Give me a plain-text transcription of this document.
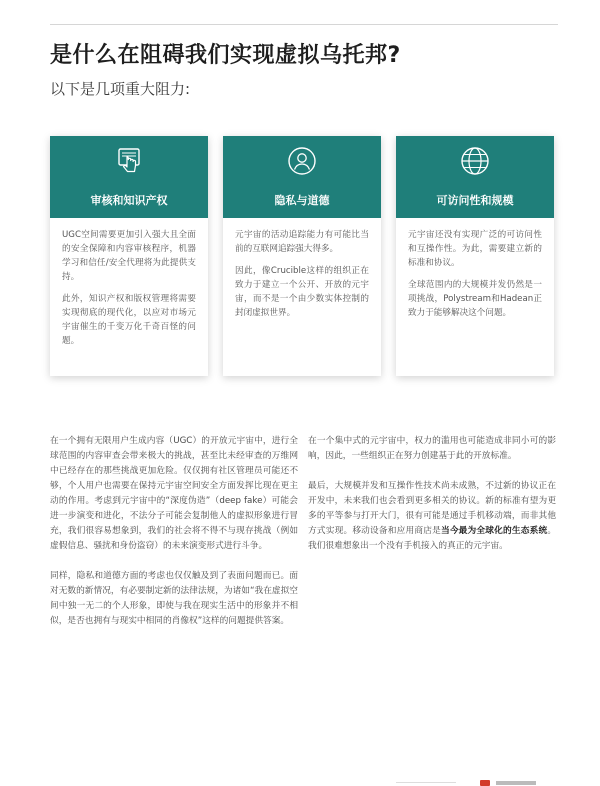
是什么在阻碍我们实现虚拟乌托邦?

以下是几项重大阻力:

审核和知识产权

UGC空间需要更加引入强大且全面的安全保障和内容审核程序，机器学习和信任/安全代理将为此提供支持。

此外，知识产权和版权管理将需要实现彻底的现代化，以应对市场元宇宙催生的千变万化千奇百怪的问题。

隐私与道德

元宇宙的活动追踪能力有可能比当前的互联网追踪强大得多。

因此，像Crucible这样的组织正在致力于建立一个公开、开放的元宇宙，而不是一个由少数实体控制的封闭虚拟世界。

可访问性和规模

元宇宙还没有实现广泛的可访问性和互操作性。为此，需要建立新的标准和协议。

全球范围内的大规模并发仍然是一项挑战，Polystream和Hadean正致力于能够解决这个问题。

在一个拥有无限用户生成内容（UGC）的开放元宇宙中，进行全球范围的内容审查会带来极大的挑战，甚至比未经审查的万维网中已经存在的那些挑战更加危险。仅仅拥有社区管理员可能还不够，个人用户也需要在保持元宇宙空间安全方面发挥比现在更主动的作用。考虑到元宇宙中的“深度伪造”（deep fake）可能会进一步演变和进化，不法分子可能会复制他人的虚拟形象进行冒充，我们很容易想象到，我们的社会将不得不与现存挑战（例如虚假信息、骚扰和身份盗窃）的未来演变形式进行斗争。

同样，隐私和道德方面的考虑也仅仅触及到了表面问题而已。面对无数的新情况，有必要制定新的法律法规，为诸如“我在虚拟空间中独一无二的个人形象，即使与我在现实生活中的形象并不相似，是否也拥有与现实中相同的肖像权”这样的问题提供答案。

在一个集中式的元宇宙中，权力的滥用也可能造成非同小可的影响，因此，一些组织正在努力创建基于此的开放标准。

最后，大规模并发和互操作性技术尚未成熟，不过新的协议正在开发中，未来我们也会看到更多相关的协议。新的标准有望为更多的平等参与打开大门，很有可能是通过手机移动端，而非其他方式实现。移动设备和应用商店是当今最为全球化的生态系统。我们很难想象出一个没有手机接入的真正的元宇宙。
